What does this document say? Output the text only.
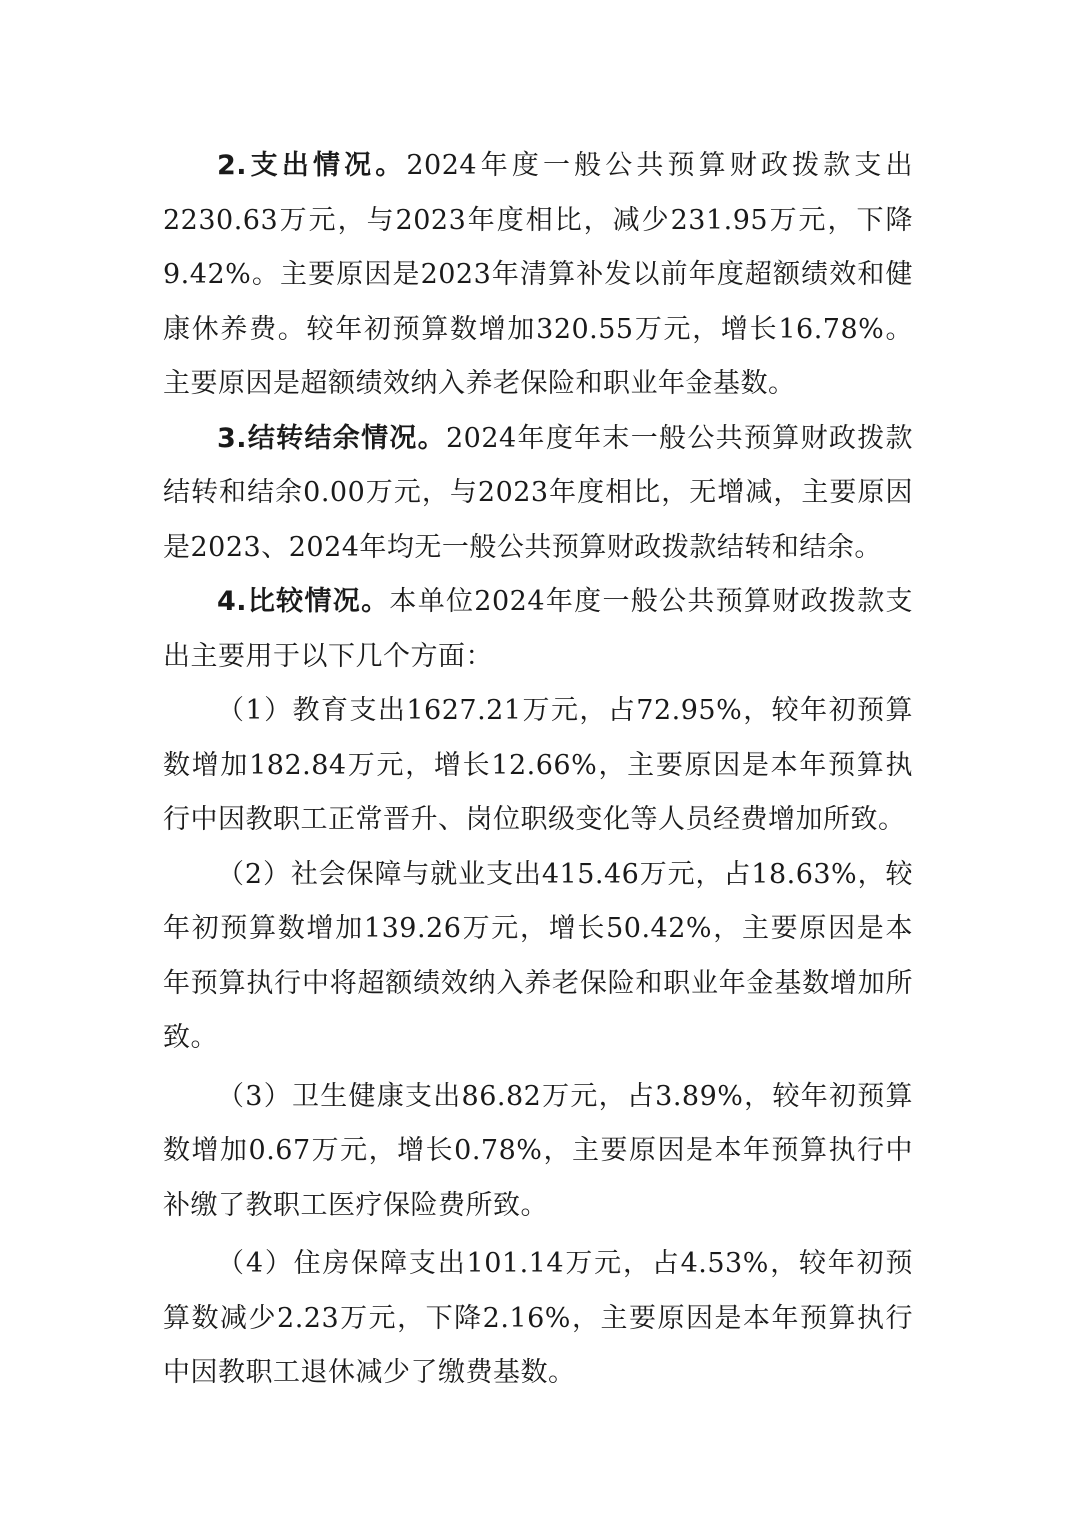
2.支出情况。2024年度一般公共预算财政拨款支出2230.63万元，与2023年度相比，减少231.95万元，下降9.42%。主要原因是2023年清算补发以前年度超额绩效和健康休养费。较年初预算数增加320.55万元，增长16.78%。主要原因是超额绩效纳入养老保险和职业年金基数。

3.结转结余情况。2024年度年末一般公共预算财政拨款结转和结余0.00万元，与2023年度相比，无增减，主要原因是2023、2024年均无一般公共预算财政拨款结转和结余。

4.比较情况。本单位2024年度一般公共预算财政拨款支出主要用于以下几个方面：

（1）教育支出1627.21万元，占72.95%，较年初预算数增加182.84万元，增长12.66%，主要原因是本年预算执行中因教职工正常晋升、岗位职级变化等人员经费增加所致。

（2）社会保障与就业支出415.46万元，占18.63%，较年初预算数增加139.26万元，增长50.42%，主要原因是本年预算执行中将超额绩效纳入养老保险和职业年金基数增加所致。

（3）卫生健康支出86.82万元，占3.89%，较年初预算数增加0.67万元，增长0.78%，主要原因是本年预算执行中补缴了教职工医疗保险费所致。

（4）住房保障支出101.14万元，占4.53%，较年初预算数减少2.23万元，下降2.16%，主要原因是本年预算执行中因教职工退休减少了缴费基数。
